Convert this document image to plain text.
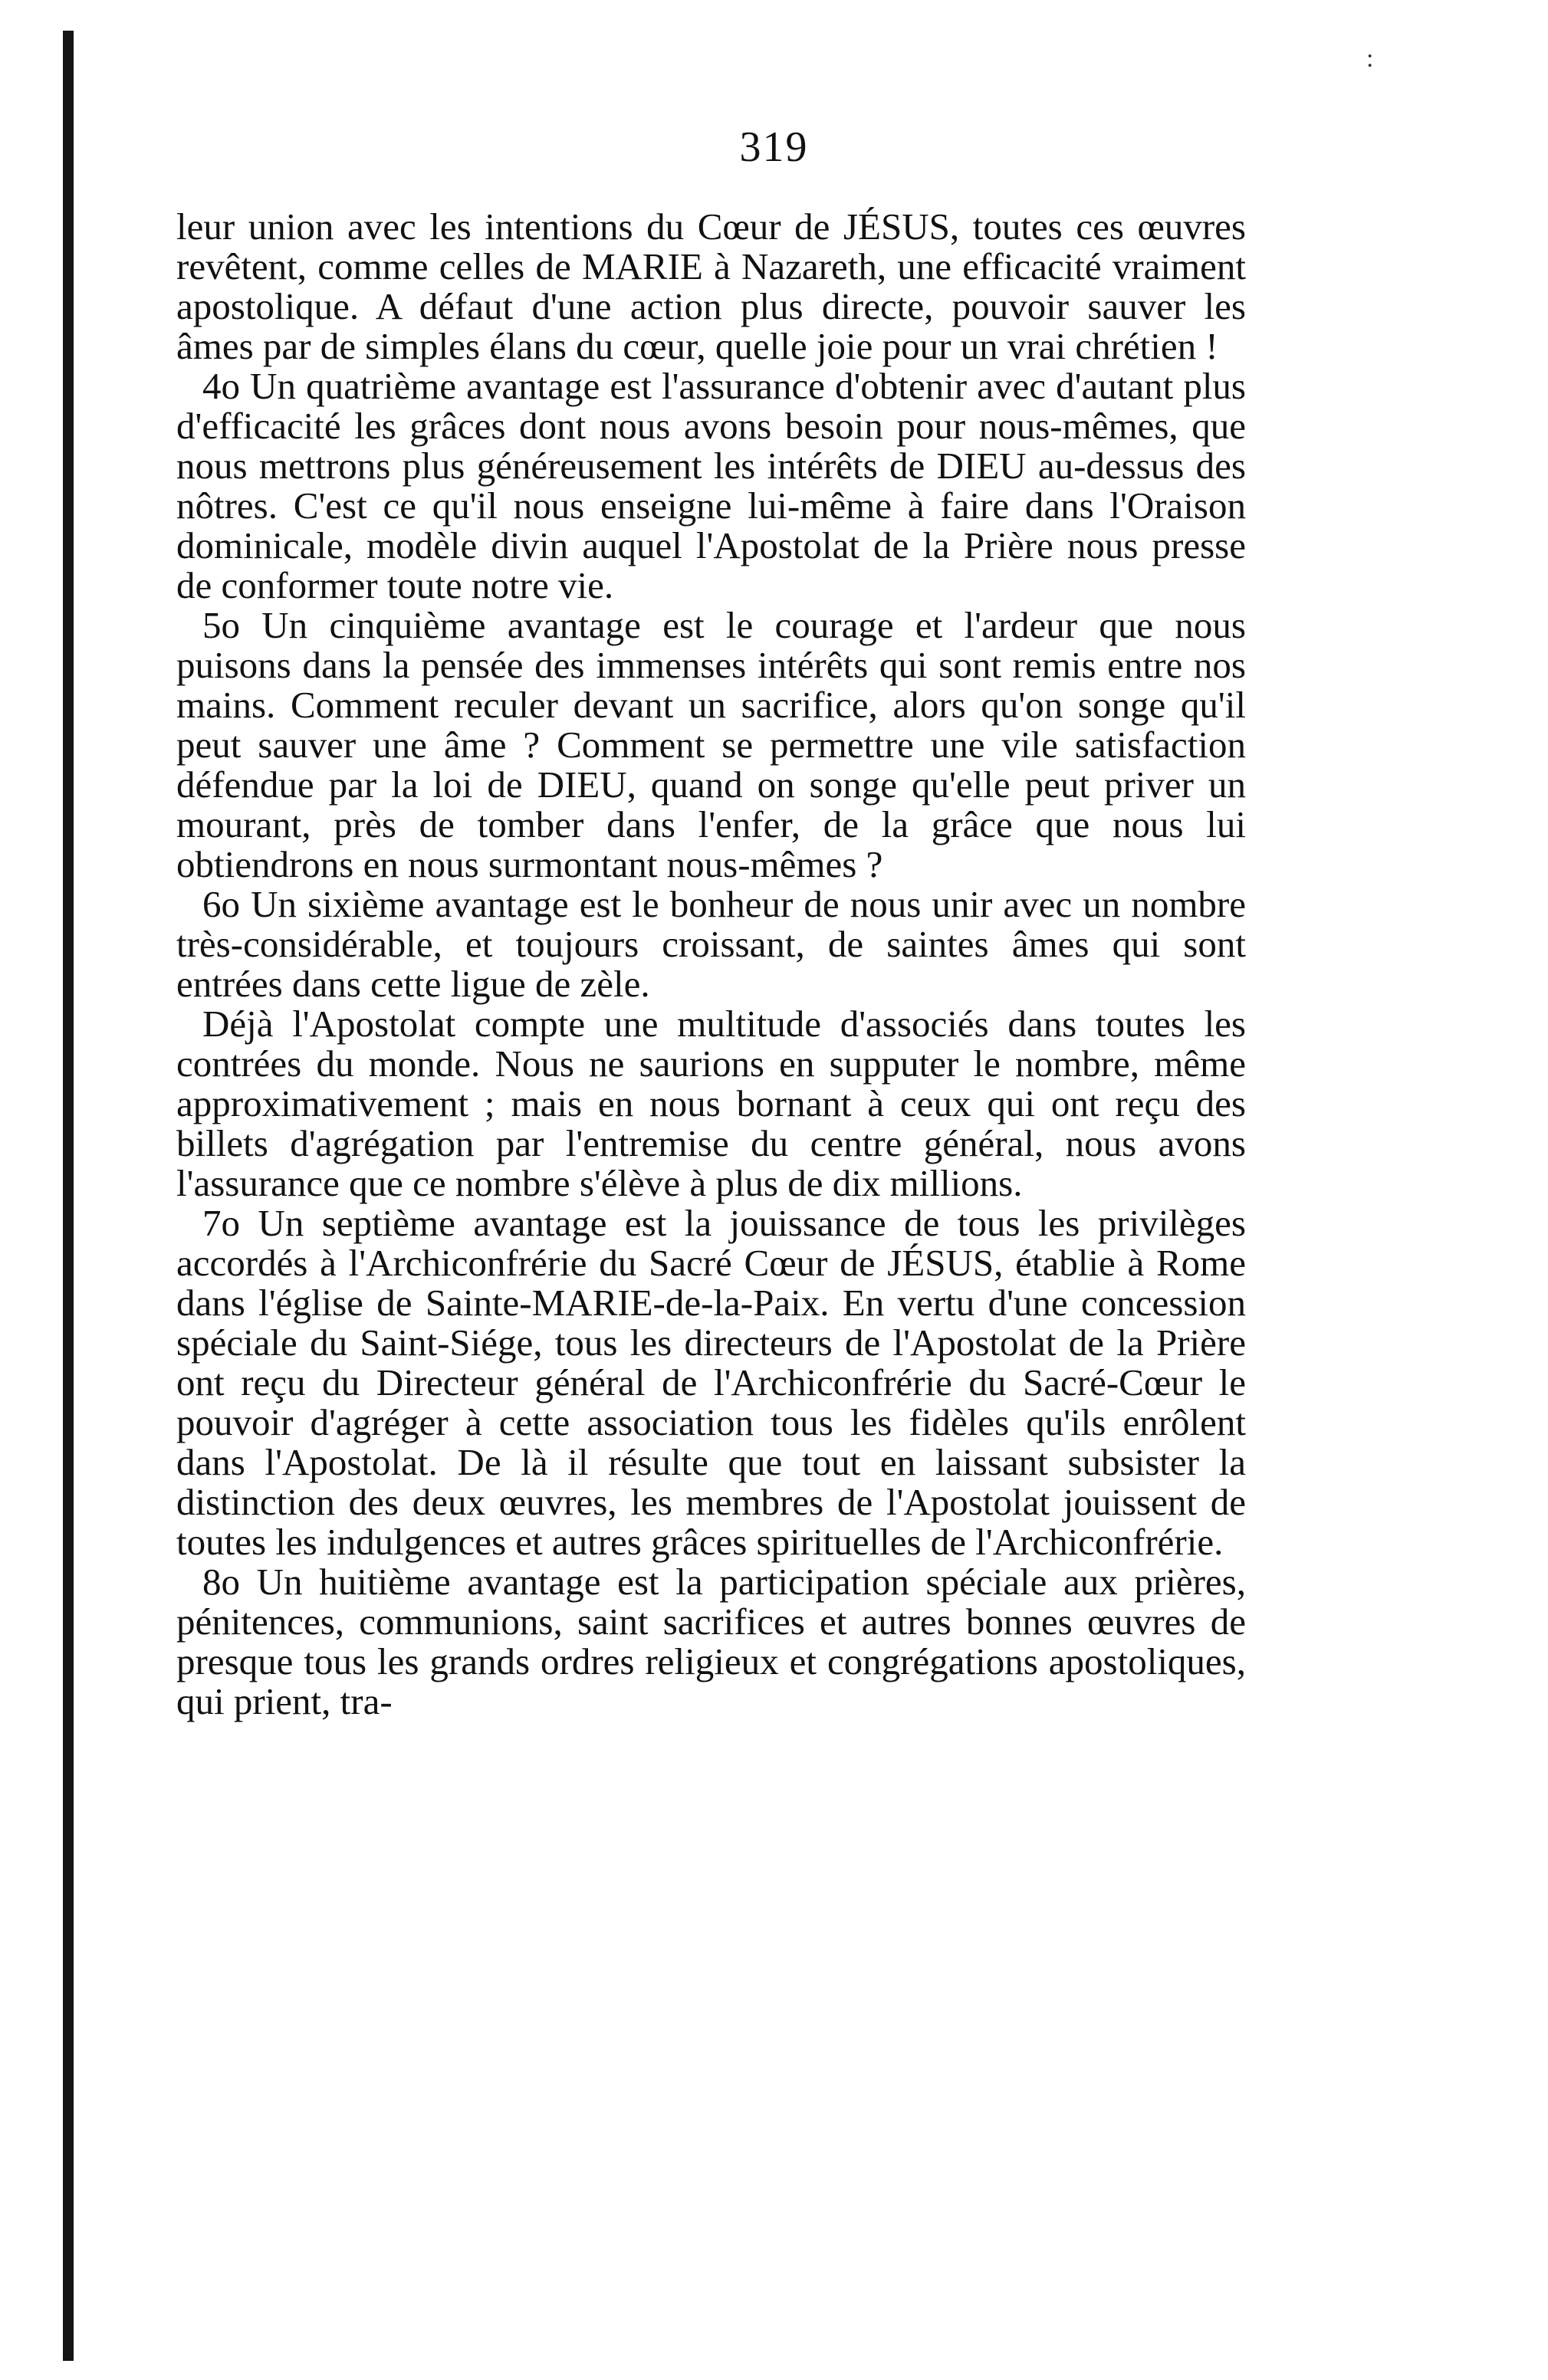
:
319

leur union avec les intentions du Cœur de JÉSUS, toutes ces œuvres revêtent, comme celles de MARIE à Nazareth, une efficacité vraiment apostolique. A défaut d'une action plus directe, pouvoir sauver les âmes par de simples élans du cœur, quelle joie pour un vrai chrétien !

4o Un quatrième avantage est l'assurance d'obtenir avec d'autant plus d'efficacité les grâces dont nous avons besoin pour nous-mêmes, que nous mettrons plus généreusement les intérêts de DIEU au-dessus des nôtres. C'est ce qu'il nous enseigne lui-même à faire dans l'Oraison dominicale, modèle divin auquel l'Apostolat de la Prière nous presse de conformer toute notre vie.

5o Un cinquième avantage est le courage et l'ardeur que nous puisons dans la pensée des immenses intérêts qui sont remis entre nos mains. Comment reculer devant un sacrifice, alors qu'on songe qu'il peut sauver une âme ? Comment se permettre une vile satisfaction défendue par la loi de DIEU, quand on songe qu'elle peut priver un mourant, près de tomber dans l'enfer, de la grâce que nous lui obtiendrons en nous surmontant nous-mêmes ?

6o Un sixième avantage est le bonheur de nous unir avec un nombre très-considérable, et toujours croissant, de saintes âmes qui sont entrées dans cette ligue de zèle.

Déjà l'Apostolat compte une multitude d'associés dans toutes les contrées du monde. Nous ne saurions en supputer le nombre, même approximativement ; mais en nous bornant à ceux qui ont reçu des billets d'agrégation par l'entremise du centre général, nous avons l'assurance que ce nombre s'élève à plus de dix millions.

7o Un septième avantage est la jouissance de tous les privilèges accordés à l'Archiconfrérie du Sacré Cœur de JÉSUS, établie à Rome dans l'église de Sainte-MARIE-de-la-Paix. En vertu d'une concession spéciale du Saint-Siége, tous les directeurs de l'Apostolat de la Prière ont reçu du Directeur général de l'Archiconfrérie du Sacré-Cœur le pouvoir d'agréger à cette association tous les fidèles qu'ils enrôlent dans l'Apostolat. De là il résulte que tout en laissant subsister la distinction des deux œuvres, les membres de l'Apostolat jouissent de toutes les indulgences et autres grâces spirituelles de l'Archiconfrérie.

8o Un huitième avantage est la participation spéciale aux prières, pénitences, communions, saint sacrifices et autres bonnes œuvres de presque tous les grands ordres religieux et congrégations apostoliques, qui prient, tra-
